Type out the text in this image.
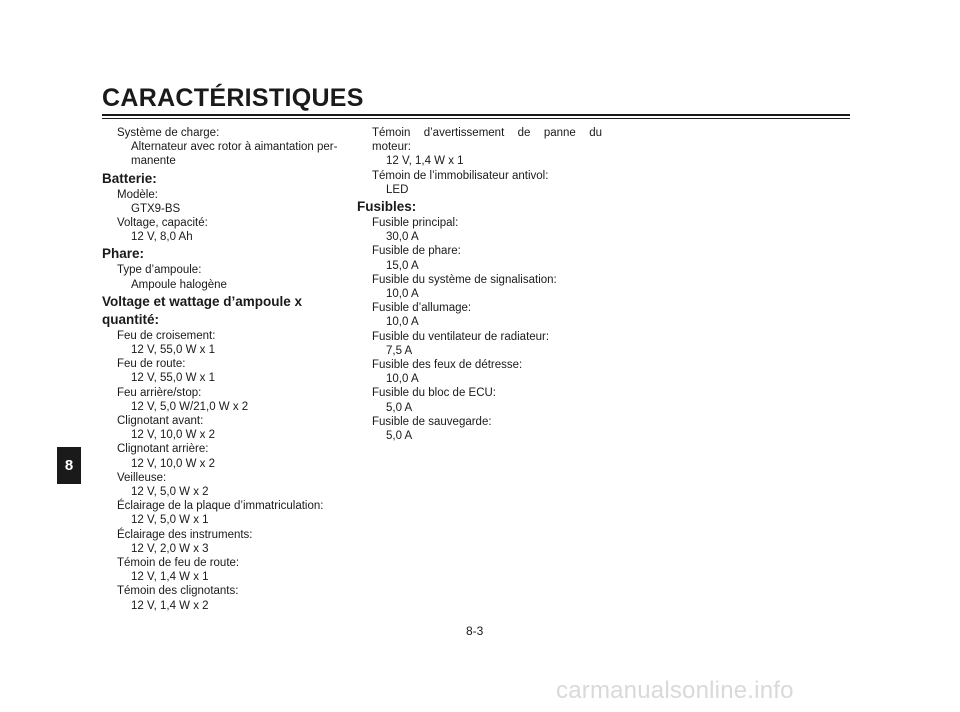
CARACTÉRISTIQUES
8
Système de charge:
Alternateur avec rotor à aimantation per-
manente
Batterie:
Modèle:
GTX9-BS
Voltage, capacité:
12 V, 8,0 Ah
Phare:
Type d’ampoule:
Ampoule halogène
Voltage et wattage d’ampoule x
quantité:
Feu de croisement:
12 V, 55,0 W x 1
Feu de route:
12 V, 55,0 W x 1
Feu arrière/stop:
12 V, 5,0 W/21,0 W x 2
Clignotant avant:
12 V, 10,0 W x 2
Clignotant arrière:
12 V, 10,0 W x 2
Veilleuse:
12 V, 5,0 W x 2
Éclairage de la plaque d’immatriculation:
12 V, 5,0 W x 1
Éclairage des instruments:
12 V, 2,0 W x 3
Témoin de feu de route:
12 V, 1,4 W x 1
Témoin des clignotants:
12 V, 1,4 W x 2
Témoin d’avertissement de panne du
moteur:
12 V, 1,4 W x 1
Témoin de l’immobilisateur antivol:
LED
Fusibles:
Fusible principal:
30,0 A
Fusible de phare:
15,0 A
Fusible du système de signalisation:
10,0 A
Fusible d’allumage:
10,0 A
Fusible du ventilateur de radiateur:
7,5 A
Fusible des feux de détresse:
10,0 A
Fusible du bloc de ECU:
5,0 A
Fusible de sauvegarde:
5,0 A
8-3
carmanualsonline.info
